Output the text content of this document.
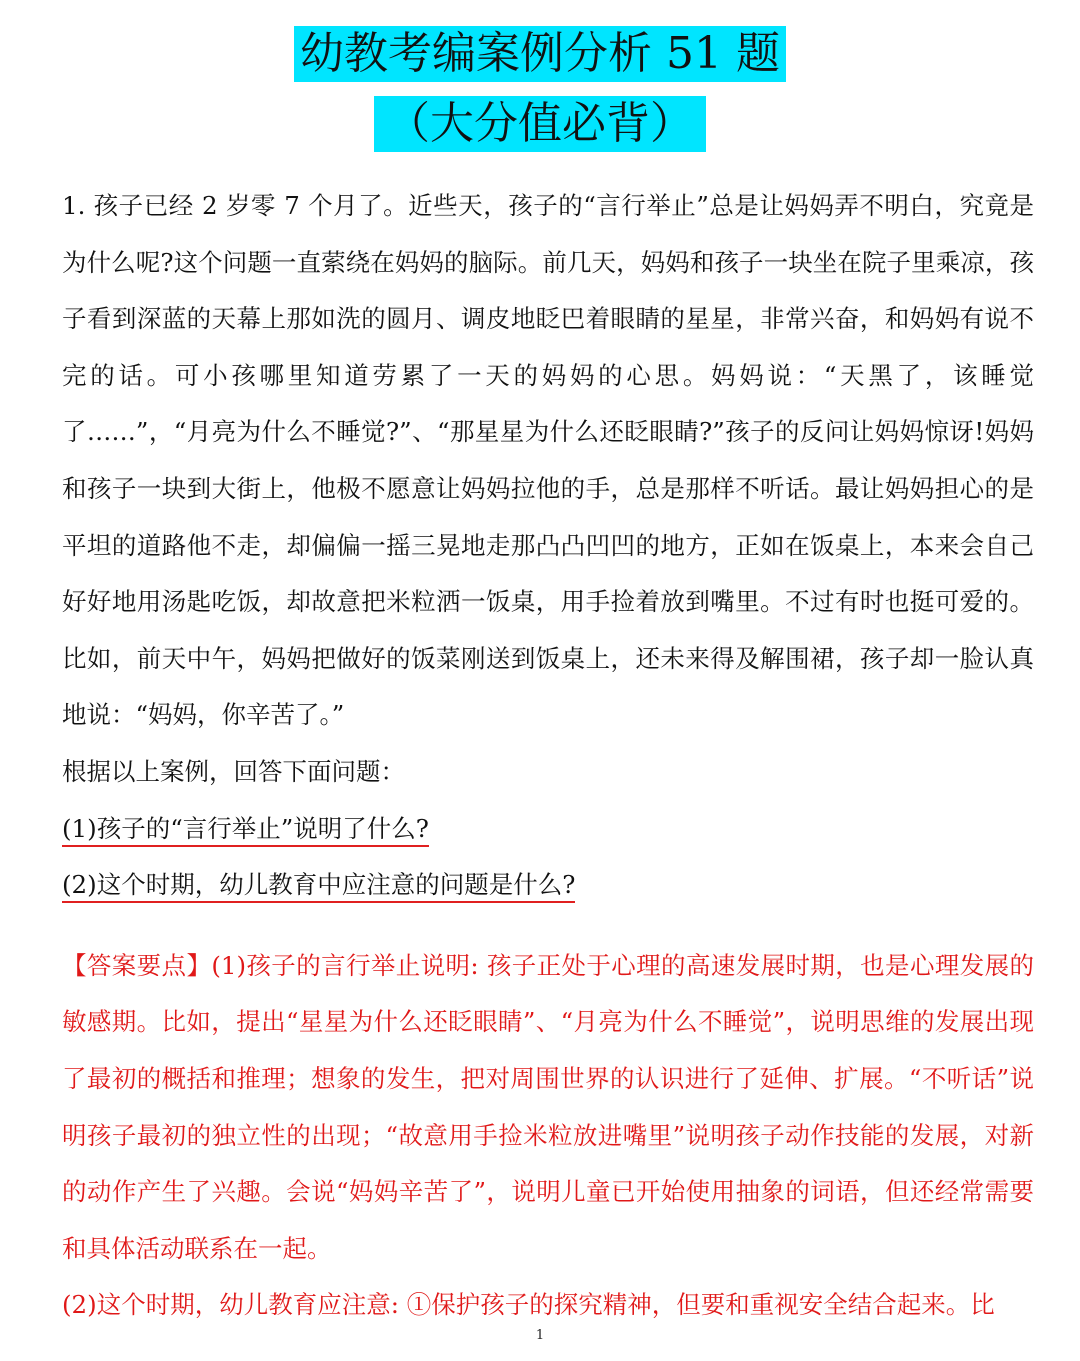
幼教考编案例分析 51 题
（大分值必背）

1. 孩子已经 2 岁零 7 个月了。近些天，孩子的“言行举止”总是让妈妈弄不明白，究竟是为什么呢?这个问题一直萦绕在妈妈的脑际。前几天，妈妈和孩子一块坐在院子里乘凉，孩子看到深蓝的天幕上那如洗的圆月、调皮地眨巴着眼睛的星星，非常兴奋，和妈妈有说不完的话。可小孩哪里知道劳累了一天的妈妈的心思。妈妈说：“天黑了，该睡觉了……”，“月亮为什么不睡觉?”、“那星星为什么还眨眼睛?”孩子的反问让妈妈惊讶!妈妈和孩子一块到大街上，他极不愿意让妈妈拉他的手，总是那样不听话。最让妈妈担心的是平坦的道路他不走，却偏偏一摇三晃地走那凸凸凹凹的地方，正如在饭桌上，本来会自己好好地用汤匙吃饭，却故意把米粒洒一饭桌，用手捡着放到嘴里。不过有时也挺可爱的。比如，前天中午，妈妈把做好的饭菜刚送到饭桌上，还未来得及解围裙，孩子却一脸认真地说：“妈妈，你辛苦了。”

根据以上案例，回答下面问题：

(1)孩子的“言行举止”说明了什么?

(2)这个时期，幼儿教育中应注意的问题是什么?

【答案要点】(1)孩子的言行举止说明: 孩子正处于心理的高速发展时期，也是心理发展的敏感期。比如，提出“星星为什么还眨眼睛”、“月亮为什么不睡觉”，说明思维的发展出现了最初的概括和推理；想象的发生，把对周围世界的认识进行了延伸、扩展。“不听话”说明孩子最初的独立性的出现；“故意用手捡米粒放进嘴里”说明孩子动作技能的发展，对新的动作产生了兴趣。会说“妈妈辛苦了”，说明儿童已开始使用抽象的词语，但还经常需要和具体活动联系在一起。

(2)这个时期，幼儿教育应注意: ①保护孩子的探究精神，但要和重视安全结合起来。比

1
